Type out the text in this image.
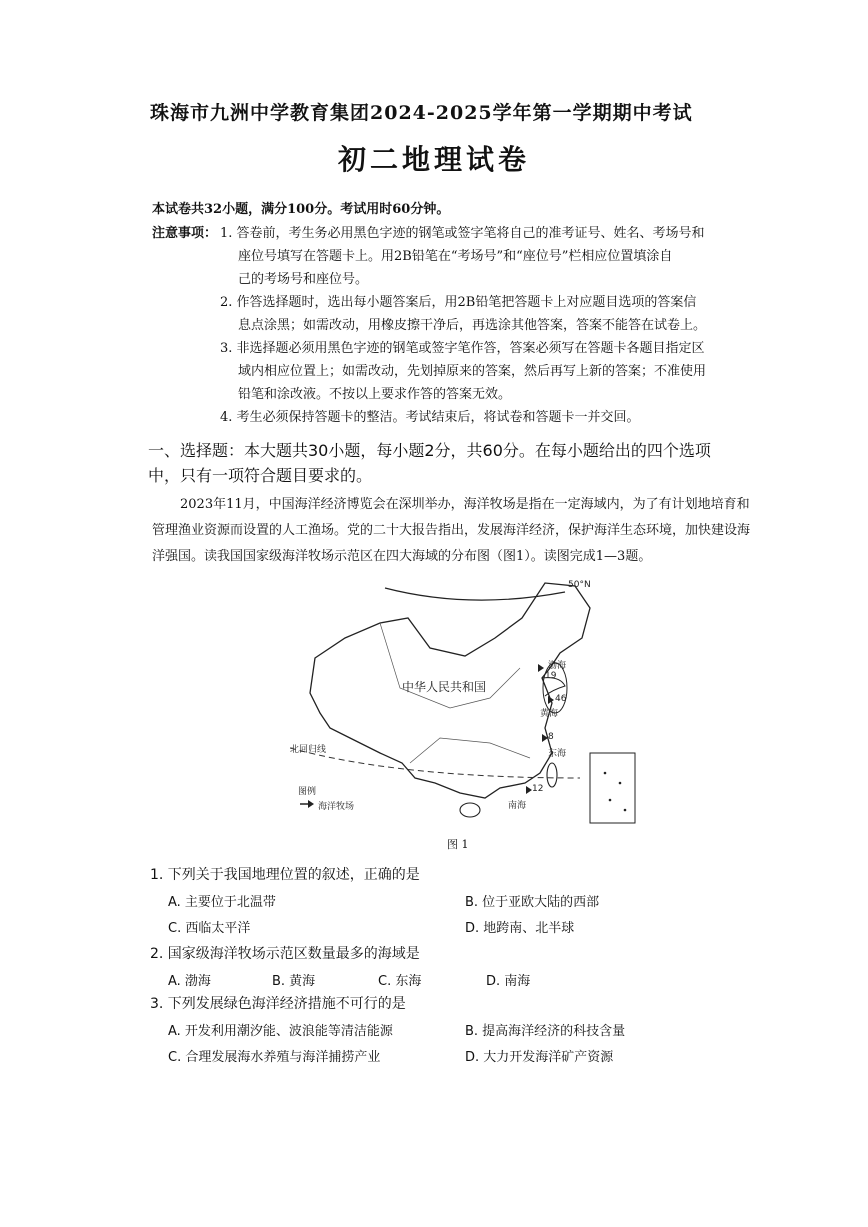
珠海市九洲中学教育集团2024-2025学年第一学期期中考试
初二地理试卷
本试卷共32小题，满分100分。考试用时60分钟。
注意事项： 1. 答卷前，考生务必用黑色字迹的钢笔或签字笔将自己的准考证号、姓名、考场号和

座位号填写在答题卡上。用2B铅笔在“考场号”和“座位号”栏相应位置填涂自

己的考场号和座位号。

2. 作答选择题时，选出每小题答案后，用2B铅笔把答题卡上对应题目选项的答案信

息点涂黑；如需改动，用橡皮擦干净后，再选涂其他答案，答案不能答在试卷上。

3. 非选择题必须用黑色字迹的钢笔或签字笔作答，答案必须写在答题卡各题目指定区

域内相应位置上；如需改动，先划掉原来的答案，然后再写上新的答案；不准使用

铅笔和涂改液。不按以上要求作答的答案无效。

4. 考生必须保持答题卡的整洁。考试结束后，将试卷和答题卡一并交回。

一、选择题：本大题共30小题，每小题2分，共60分。在每小题给出的四个选项
中，只有一项符合题目要求的。
2023年11月，中国海洋经济博览会在深圳举办，海洋牧场是指在一定海域内，为了有计划地培育和管理渔业资源而设置的人工渔场。党的二十大报告指出，发展海洋经济，保护海洋生态环境，加快建设海洋强国。读我国国家级海洋牧场示范区在四大海域的分布图（图1）。读图完成1—3题。
50°N
中华人民共和国
渤海
19
46
黄海
8
东海
12
南海
北回归线
图例
海洋牧场
图 1
1. 下列关于我国地理位置的叙述，正确的是
A. 主要位于北温带	B. 位于亚欧大陆的西部
C. 西临太平洋	D. 地跨南、北半球
2. 国家级海洋牧场示范区数量最多的海域是
A. 渤海	B. 黄海	C. 东海	D. 南海
3. 下列发展绿色海洋经济措施不可行的是
A. 开发利用潮汐能、波浪能等清洁能源	B. 提高海洋经济的科技含量
C. 合理发展海水养殖与海洋捕捞产业	D. 大力开发海洋矿产资源
